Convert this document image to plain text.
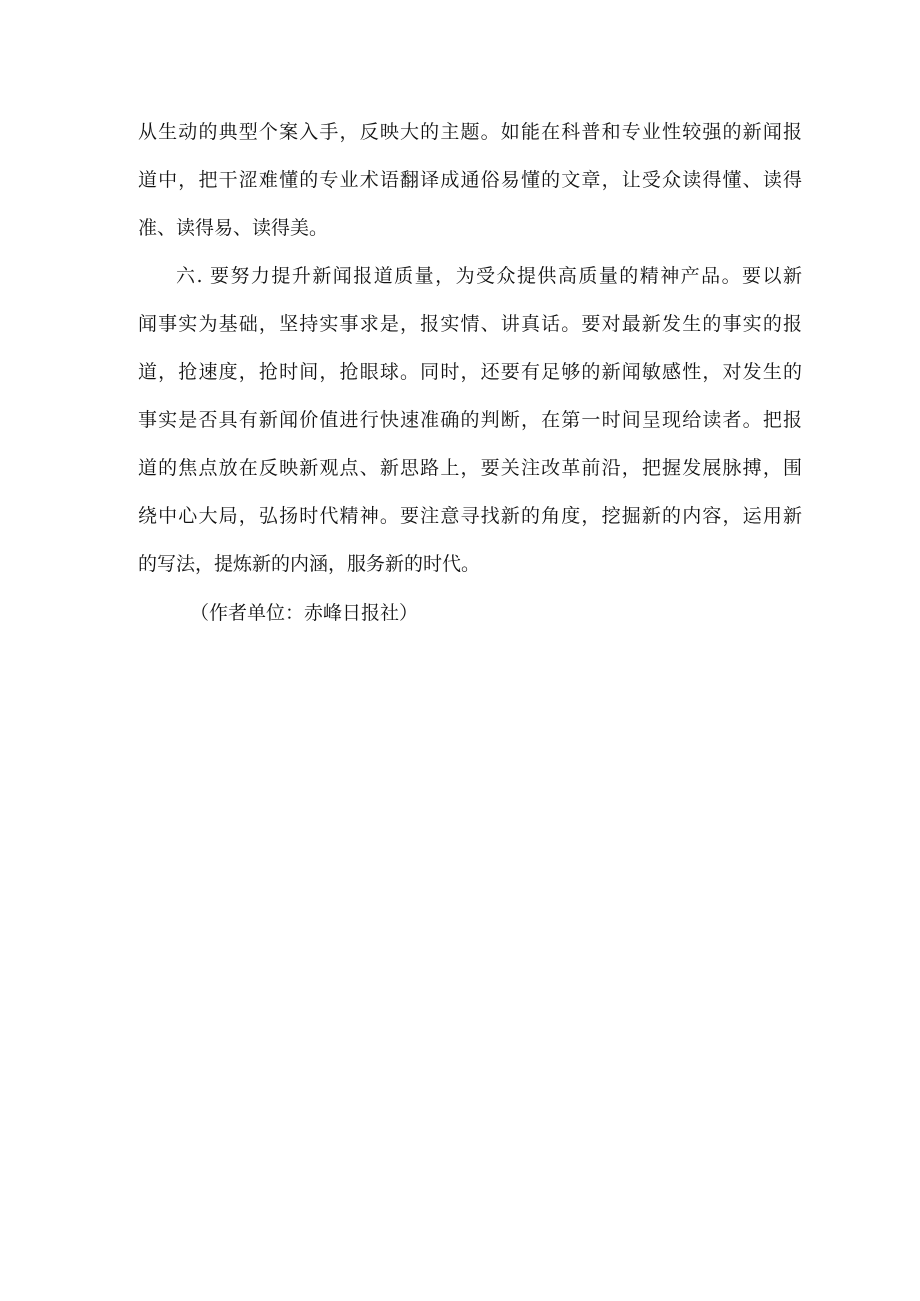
从生动的典型个案入手，反映大的主题。如能在科普和专业性较强的新闻报
道中，把干涩难懂的专业术语翻译成通俗易懂的文章，让受众读得懂、读得
准、读得易、读得美。
六. 要努力提升新闻报道质量，为受众提供高质量的精神产品。要以新
闻事实为基础，坚持实事求是，报实情、讲真话。要对最新发生的事实的报
道，抢速度，抢时间，抢眼球。同时，还要有足够的新闻敏感性，对发生的
事实是否具有新闻价值进行快速准确的判断，在第一时间呈现给读者。把报
道的焦点放在反映新观点、新思路上，要关注改革前沿，把握发展脉搏，围
绕中心大局，弘扬时代精神。要注意寻找新的角度，挖掘新的内容，运用新
的写法，提炼新的内涵，服务新的时代。
（作者单位：赤峰日报社）
